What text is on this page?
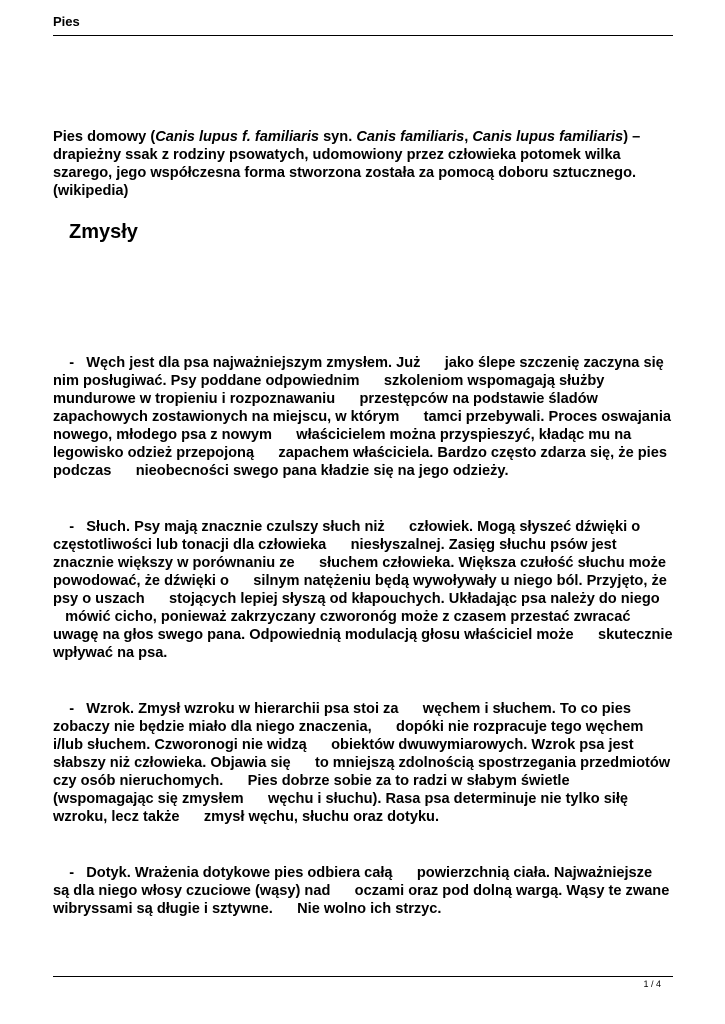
Pies
Pies domowy (Canis lupus f. familiaris syn. Canis familiaris, Canis lupus familiaris) – drapieżny ssak z rodziny psowatych, udomowiony przez człowieka potomek wilka szarego, jego współczesna forma stworzona została za pomocą doboru sztucznego. (wikipedia)
Zmysły
-   Węch jest dla psa najważniejszym zmysłem. Już      jako ślepe szczenię zaczyna się
nim posługiwać. Psy poddane odpowiednim      szkoleniom wspomagają służby
mundurowe w tropieniu i rozpoznawaniu      przestępców na podstawie śladów
zapachowych zostawionych na miejscu, w którym      tamci przebywali. Proces oswajania
nowego, młodego psa z nowym      właścicielem można przyspieszyć, kładąc mu na
legowisko odzież przepojoną      zapachem właściciela. Bardzo często zdarza się, że pies
podczas      nieobecności swego pana kładzie się na jego odzieży.
-   Słuch. Psy mają znacznie czulszy słuch niż      człowiek. Mogą słyszeć dźwięki o
częstotliwości lub tonacji dla człowieka      niesłyszalnej. Zasięg słuchu psów jest
znacznie większy w porównaniu ze      słuchem człowieka. Większa czułość słuchu może
powodować, że dźwięki o      silnym natężeniu będą wywoływały u niego ból. Przyjęto, że
psy o uszach      stojących lepiej słyszą od kłapouchych. Układając psa należy do niego
mówić cicho, ponieważ zakrzyczany czworonóg może z czasem przestać zwracać
uwagę na głos swego pana. Odpowiednią modulacją głosu właściciel może      skutecznie
wpływać na psa.
-   Wzrok. Zmysł wzroku w hierarchii psa stoi za      węchem i słuchem. To co pies
zobaczy nie będzie miało dla niego znaczenia,      dopóki nie rozpracuje tego węchem
i/lub słuchem. Czworonogi nie widzą      obiektów dwuwymiarowych. Wzrok psa jest
słabszy niż człowieka. Objawia się      to mniejszą zdolnością spostrzegania przedmiotów
czy osób nieruchomych.      Pies dobrze sobie za to radzi w słabym świetle
(wspomagając się zmysłem      węchu i słuchu). Rasa psa determinuje nie tylko siłę
wzroku, lecz także      zmysł węchu, słuchu oraz dotyku.
-   Dotyk. Wrażenia dotykowe pies odbiera całą      powierzchnią ciała. Najważniejsze
są dla niego włosy czuciowe (wąsy) nad      oczami oraz pod dolną wargą. Wąsy te zwane
wibryssami są długie i sztywne.      Nie wolno ich strzyc.
1 / 4
